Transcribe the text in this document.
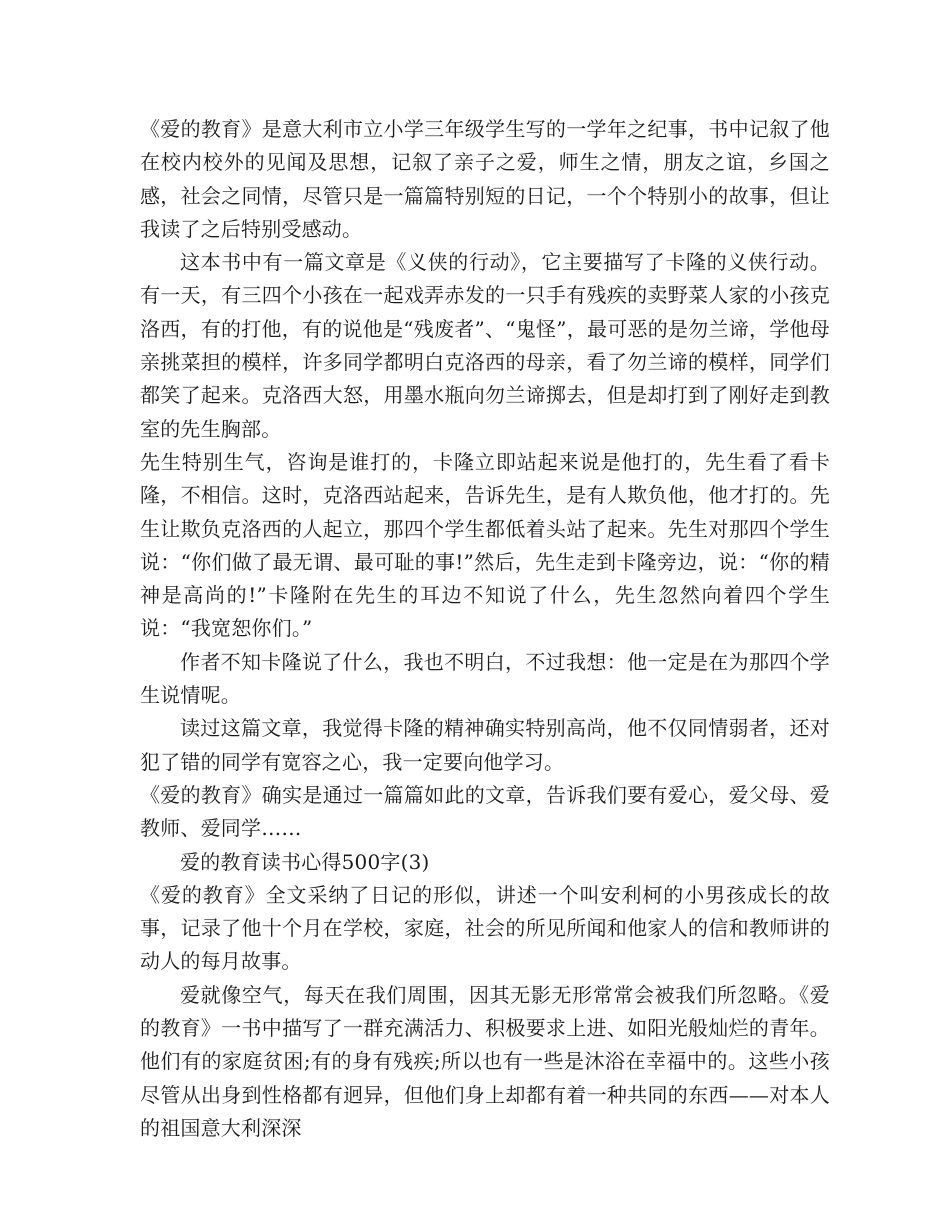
《爱的教育》是意大利市立小学三年级学生写的一学年之纪事，书中记叙了他在校内校外的见闻及思想，记叙了亲子之爱，师生之情，朋友之谊，乡国之感，社会之同情，尽管只是一篇篇特别短的日记，一个个特别小的故事，但让我读了之后特别受感动。

这本书中有一篇文章是《义侠的行动》，它主要描写了卡隆的义侠行动。有一天，有三四个小孩在一起戏弄赤发的一只手有残疾的卖野菜人家的小孩克洛西，有的打他，有的说他是“残废者”、“鬼怪”，最可恶的是勿兰谛，学他母亲挑菜担的模样，许多同学都明白克洛西的母亲，看了勿兰谛的模样，同学们都笑了起来。克洛西大怒，用墨水瓶向勿兰谛掷去，但是却打到了刚好走到教室的先生胸部。

先生特别生气，咨询是谁打的，卡隆立即站起来说是他打的，先生看了看卡隆，不相信。这时，克洛西站起来，告诉先生，是有人欺负他，他才打的。先生让欺负克洛西的人起立，那四个学生都低着头站了起来。先生对那四个学生说：“你们做了最无谓、最可耻的事!”然后，先生走到卡隆旁边，说：“你的精神是高尚的!”卡隆附在先生的耳边不知说了什么，先生忽然向着四个学生说：“我宽恕你们。”

作者不知卡隆说了什么，我也不明白，不过我想：他一定是在为那四个学生说情呢。

读过这篇文章，我觉得卡隆的精神确实特别高尚，他不仅同情弱者，还对犯了错的同学有宽容之心，我一定要向他学习。

《爱的教育》确实是通过一篇篇如此的文章，告诉我们要有爱心，爱父母、爱教师、爱同学……

爱的教育读书心得500字(3)

《爱的教育》全文采纳了日记的形似，讲述一个叫安利柯的小男孩成长的故事，记录了他十个月在学校，家庭，社会的所见所闻和他家人的信和教师讲的动人的每月故事。

爱就像空气，每天在我们周围，因其无影无形常常会被我们所忽略。《爱的教育》一书中描写了一群充满活力、积极要求上进、如阳光般灿烂的青年。他们有的家庭贫困;有的身有残疾;所以也有一些是沐浴在幸福中的。这些小孩尽管从出身到性格都有迥异，但他们身上却都有着一种共同的东西——对本人的祖国意大利深深
